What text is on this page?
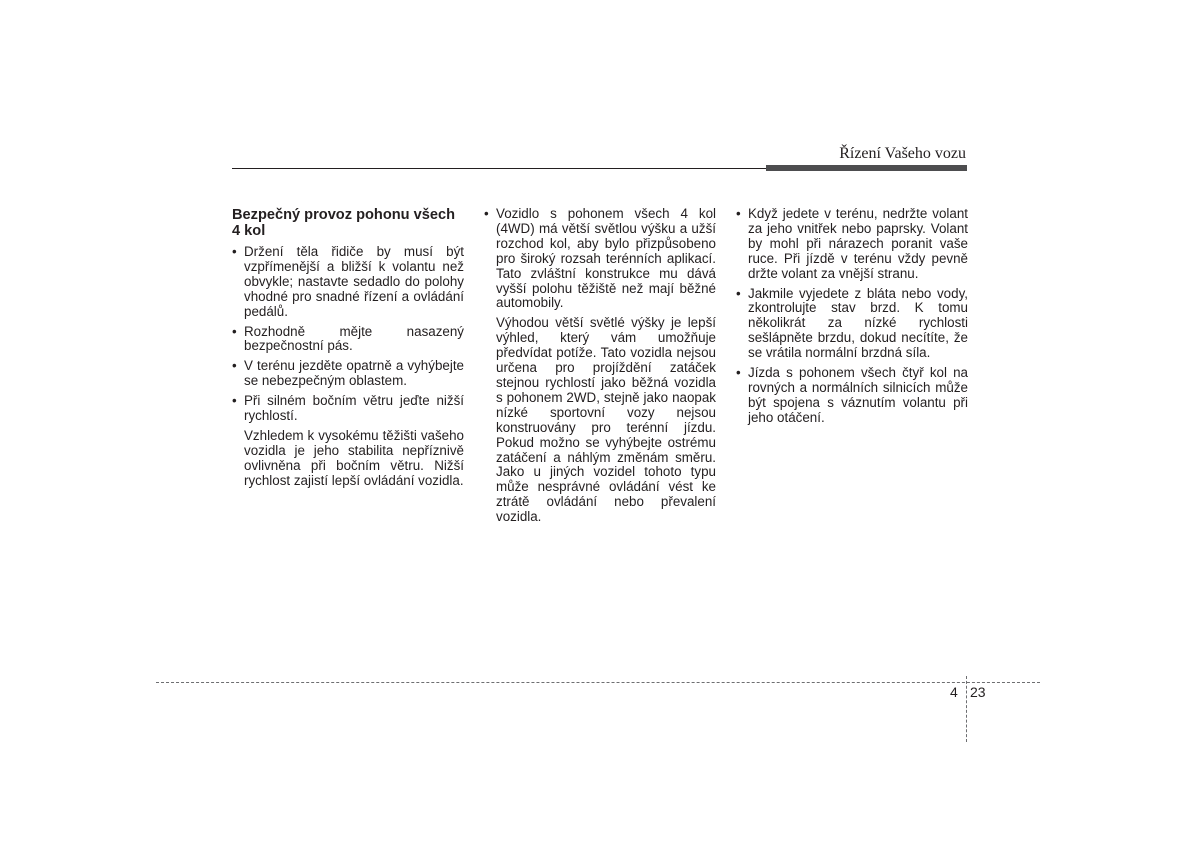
Řízení Vašeho vozu
Bezpečný provoz pohonu všech 4 kol
• Držení těla řidiče by musí být vzpřímenější a bližší k volantu než obvykle; nastavte sedadlo do polohy vhodné pro snadné řízení a ovládání pedálů.
• Rozhodně mějte nasazený bezpečnostní pás.
• V terénu jezděte opatrně a vyhýbejte se nebezpečným oblastem.
• Při silném bočním větru jeďte nižší rychlostí.
Vzhledem k vysokému těžišti vašeho vozidla je jeho stabilita nepříznivě ovlivněna při bočním větru. Nižší rychlost zajistí lepší ovládání vozidla.
• Vozidlo s pohonem všech 4 kol (4WD) má větší světlou výšku a užší rozchod kol, aby bylo přizpůsobeno pro široký rozsah terénních aplikací. Tato zvláštní konstrukce mu dává vyšší polohu těžiště než mají běžné automobily.
Výhodou větší světlé výšky je lepší výhled, který vám umožňuje předvídat potíže. Tato vozidla nejsou určena pro projíždění zatáček stejnou rychlostí jako běžná vozidla s pohonem 2WD, stejně jako naopak nízké sportovní vozy nejsou konstruovány pro terénní jízdu. Pokud možno se vyhýbejte ostrému zatáčení a náhlým změnám směru. Jako u jiných vozidel tohoto typu může nesprávné ovládání vést ke ztrátě ovládání nebo převalení vozidla.
• Když jedete v terénu, nedržte volant za jeho vnitřek nebo paprsky. Volant by mohl při nárazech poranit vaše ruce. Při jízdě v terénu vždy pevně držte volant za vnější stranu.
• Jakmile vyjedete z bláta nebo vody, zkontrolujte stav brzd. K tomu několikrát za nízké rychlosti sešlápněte brzdu, dokud necítíte, že se vrátila normální brzdná síla.
• Jízda s pohonem všech čtyř kol na rovných a normálních silnicích může být spojena s váznutím volantu při jeho otáčení.
4 23
